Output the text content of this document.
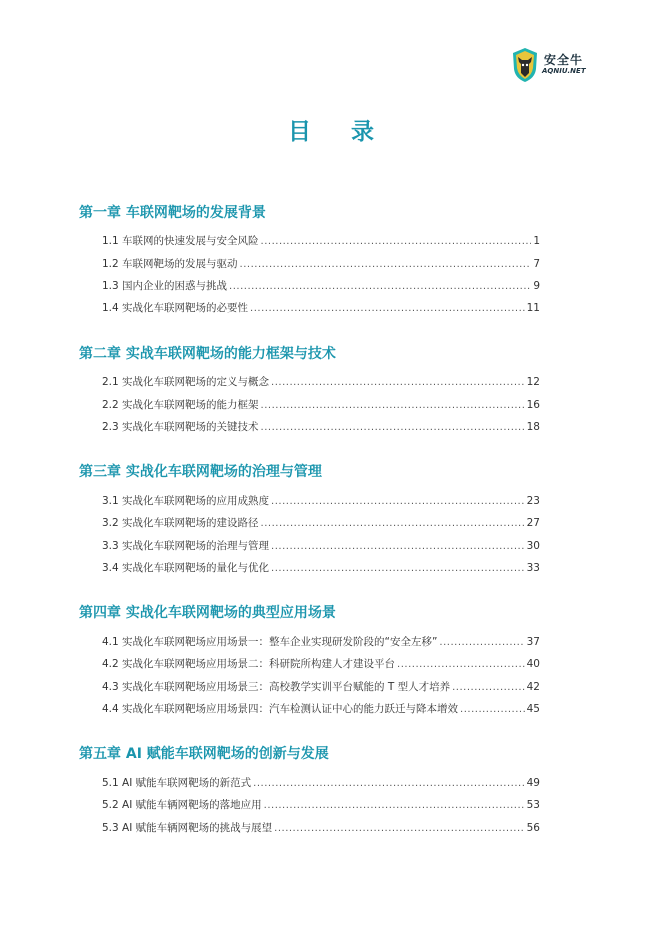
安全牛
AQNIU.NET
目 录
第一章 车联网靶场的发展背景
1.1 车联网的快速发展与安全风险 .....	1
1.2 车联网靶场的发展与驱动 .....	7
1.3 国内企业的困惑与挑战 .....	9
1.4 实战化车联网靶场的必要性 .....	11
第二章 实战车联网靶场的能力框架与技术
2.1 实战化车联网靶场的定义与概念 .....	12
2.2 实战化车联网靶场的能力框架 .....	16
2.3 实战化车联网靶场的关键技术 .....	18
第三章 实战化车联网靶场的治理与管理
3.1 实战化车联网靶场的应用成熟度 .....	23
3.2 实战化车联网靶场的建设路径 .....	27
3.3 实战化车联网靶场的治理与管理 .....	30
3.4 实战化车联网靶场的量化与优化 .....	33
第四章 实战化车联网靶场的典型应用场景
4.1 实战化车联网靶场应用场景一：整车企业实现研发阶段的“安全左移” .....	37
4.2 实战化车联网靶场应用场景二：科研院所构建人才建设平台 .....	40
4.3 实战化车联网靶场应用场景三：高校教学实训平台赋能的 T 型人才培养 .....	42
4.4 实战化车联网靶场应用场景四：汽车检测认证中心的能力跃迁与降本增效 .....	45
第五章 AI 赋能车联网靶场的创新与发展
5.1 AI 赋能车联网靶场的新范式 .....	49
5.2 AI 赋能车辆网靶场的落地应用 .....	53
5.3 AI 赋能车辆网靶场的挑战与展望 .....	56
